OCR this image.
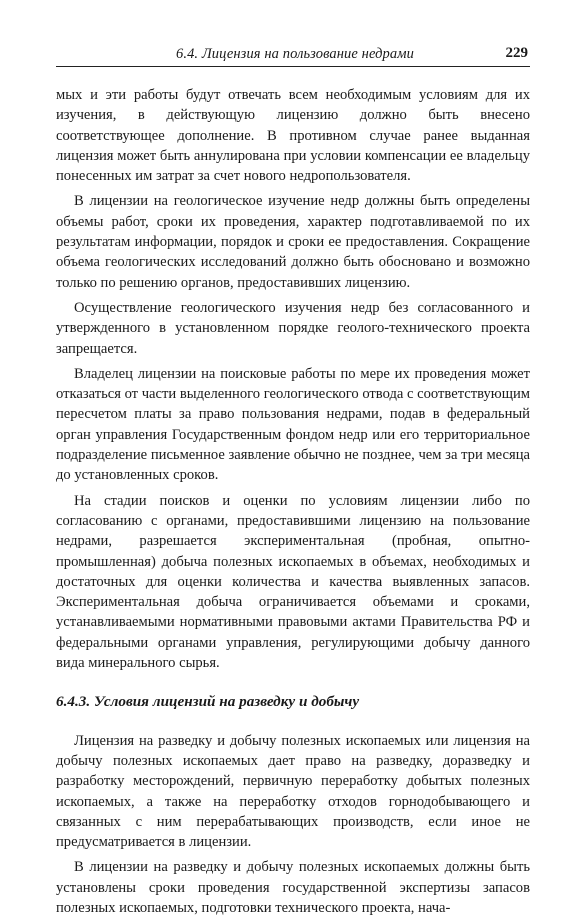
6.4. Лицензия на пользование недрами	229

мых и эти работы будут отвечать всем необходимым условиям для их изучения, в действующую лицензию должно быть внесено соответствующее дополнение. В противном случае ранее выданная лицензия может быть аннулирована при условии компенсации ее владельцу понесенных им затрат за счет нового недропользователя.

В лицензии на геологическое изучение недр должны быть определены объемы работ, сроки их проведения, характер подготавливаемой по их результатам информации, порядок и сроки ее предоставления. Сокращение объема геологических исследований должно быть обосновано и возможно только по решению органов, предоставивших лицензию.

Осуществление геологического изучения недр без согласованного и утвержденного в установленном порядке геолого-технического проекта запрещается.

Владелец лицензии на поисковые работы по мере их проведения может отказаться от части выделенного геологического отвода с соответствующим пересчетом платы за право пользования недрами, подав в федеральный орган управления Государственным фондом недр или его территориальное подразделение письменное заявление обычно не позднее, чем за три месяца до установленных сроков.

На стадии поисков и оценки по условиям лицензии либо по согласованию с органами, предоставившими лицензию на пользование недрами, разрешается экспериментальная (пробная, опытно-промышленная) добыча полезных ископаемых в объемах, необходимых и достаточных для оценки количества и качества выявленных запасов. Экспериментальная добыча ограничивается объемами и сроками, устанавливаемыми нормативными правовыми актами Правительства РФ и федеральными органами управления, регулирующими добычу данного вида минерального сырья.

6.4.3. Условия лицензий на разведку и добычу

Лицензия на разведку и добычу полезных ископаемых или лицензия на добычу полезных ископаемых дает право на разведку, доразведку и разработку месторождений, первичную переработку добытых полезных ископаемых, а также на переработку отходов горнодобывающего и связанных с ним перерабатывающих производств, если иное не предусматривается в лицензии.

В лицензии на разведку и добычу полезных ископаемых должны быть установлены сроки проведения государственной экспертизы запасов полезных ископаемых, подготовки технического проекта, нача-
